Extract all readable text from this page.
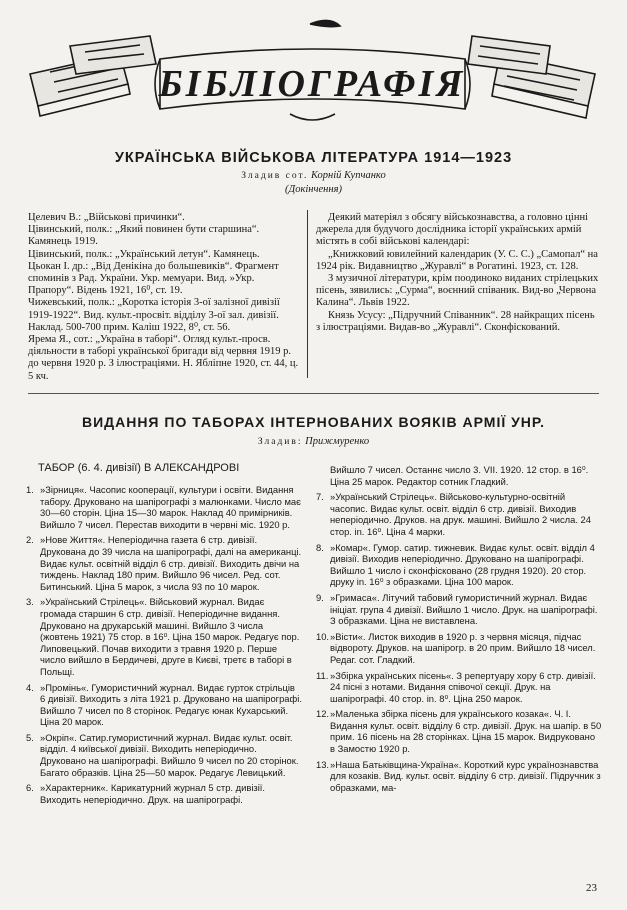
БІБЛІОГРАФІЯ
УКРАЇНСЬКА ВІЙСЬКОВА ЛІТЕРАТУРА 1914—1923
Зладив сот. Корній Купчанко
(Докінчення)

Целевич В.: „Військові причинки“.

Цівинський, полк.: „Який повинен бути старшина“. Камянець 1919.

Цівинський, полк.: „Український летун“. Камянець.

Цьокан І. др.: „Від Денікіна до большевиків“. Фрагмент споминів з Рад. України. Укр. мемуари. Вид. »Укр. Прапору“. Відень 1921, 16⁰, ст. 19.

Чижевський, полк.: „Коротка історія 3-ої залізної дивізії 1919-1922“. Вид. культ.-просвіт. відділу 3-ої зал. дивізії. Наклад. 500-700 прим. Каліш 1922, 8⁰, ст. 56.

Ярема Я., сот.: „Україна в таборі“. Огляд культ.-просв. діяльности в таборі української бригади від червня 1919 р. до червня 1920 р. З ілюстраціями. Н. Ябліпне 1920, ст. 44, ц. 5 кч.

Деякий матеріял з обсягу військознавства, а головно цінні джерела для будучого дослідника історії українських армій містять в собі військові календарі:

„Книжковий ювилейний календарик (У. С. С.) „Самопал“ на 1924 рік. Видавництво „Журавлі“ в Рогатині. 1923, ст. 128.

З музичної літератури, крім поодиноко виданих стрілецьких пісень, зявились: „Сурма“, воєнний співаник. Вид-во „Червона Калина“. Львів 1922.

Князь Усусу: „Підручний Співанник“. 28 найкращих пісень з ілюстраціями. Видав-во „Журавлі“. Сконфіскований.

ВИДАННЯ ПО ТАБОРАХ ІНТЕРНОВАНИХ ВОЯКІВ АРМІЇ УНР.
Зладив: Прижмуренко
ТАБОР (6. 4. дивізії) В АЛЕКСАНДРОВІ
1. »Зірниця«. Часопис кооперації, культури і освіти. Видання табору. Друковано на шапірографі з малюнками. Число має 30—60 сторін. Ціна 15—30 марок. Наклад 40 примірників. Вийшло 7 чисел. Перестав виходити в червні міс. 1920 р.
2. »Нове Життя«. Неперіодична газета 6 стр. дивізії. Друкована до 39 числа на шапірографі, далі на американці. Видає культ. освітній відділ 6 стр. дивізії. Виходить двічи на тиждень. Наклад 180 прим. Вийшло 96 чисел. Ред. сот. Битинський. Ціна 5 марок, з числа 93 по 10 марок.
3. »Український Стрілець«. Військовий журнал. Видає громада старшин 6 стр. дивізії. Неперіодичне видання. Друковано на друкарській машині. Вийшло 3 числа (жовтень 1921) 75 стор. в 16⁰. Ціна 150 марок. Редагує пор. Липовецький. Почав виходити з травня 1920 р. Перше число вийшло в Бердичеві, друге в Києві, третє в таборі в Польщі.
4. »Промінь«. Гумористичний журнал. Видає гурток стрільців 6 дивізії. Виходить з літа 1921 р. Друковано на шапірографі. Вийшло 7 чисел по 8 сторінок. Редагує юнак Кухарський. Ціна 20 марок.
5. »Окріп«. Сатир.гумористичний журнал. Видає культ. освіт. відділ. 4 київської дивізії. Виходить неперіодично. Друковано на шапірографі. Вийшло 9 чисел по 20 сторінок. Багато образків. Ціна 25—50 марок. Редагує Левицький.
6. »Характерник«. Карикатурний журнал 5 стр. дивізії. Виходить неперіодично. Друк. на шапірографі.
Вийшло 7 чисел. Останнє число 3. VII. 1920. 12 стор. в 16⁰. Ціна 25 марок. Редактор сотник Гладкий.
7. »Український Стрілець«. Військово-культурно-освітній часопис. Видає культ. освіт. відділ 6 стр. дивізії. Виходив неперіодично. Друков. на друк. машині. Вийшло 2 числа. 24 стор. in. 16⁰. Ціна 4 марки.
8. »Комар«. Гумор. сатир. тижневик. Видає культ. освіт. відділ 4 дивізії. Виходив неперіодично. Друковано на шапірографі. Вийшло 1 число і сконфісковано (28 грудня 1920). 20 стор. друку in. 16⁰ з образками. Ціна 100 марок.
9. »Гримаса«. Літучий табовий гумористичний журнал. Видає ініціат. група 4 дивізії. Вийшло 1 число. Друк. на шапірографі. З образками. Ціна не виставлена.
10. »Вісти«. Листок виходив в 1920 р. з червня місяця, підчас відвороту. Друков. на шапірогр. в 20 прим. Вийшло 18 чисел. Редаг. сот. Гладкий.
11. »Збірка українських пісень«. З репертуару хору 6 стр. дивізії. 24 пісні з нотами. Видання співочої секції. Друк. на шапірографі. 40 стор. in. 8⁰. Ціна 250 марок.
12. »Маленька збірка пісень для українського козака«. Ч. І. Видання культ. освіт. відділу 6 стр. дивізії. Друк. на шапір. в 50 прим. 16 пісень на 28 сторінках. Ціна 15 марок. Видруковано в Замостю 1920 р.
13. »Наша Батьківщина-Україна«. Короткий курс українознавства для козаків. Вид. культ. освіт. відділу 6 стр. дивізії. Підручник з образками, ма-
23
